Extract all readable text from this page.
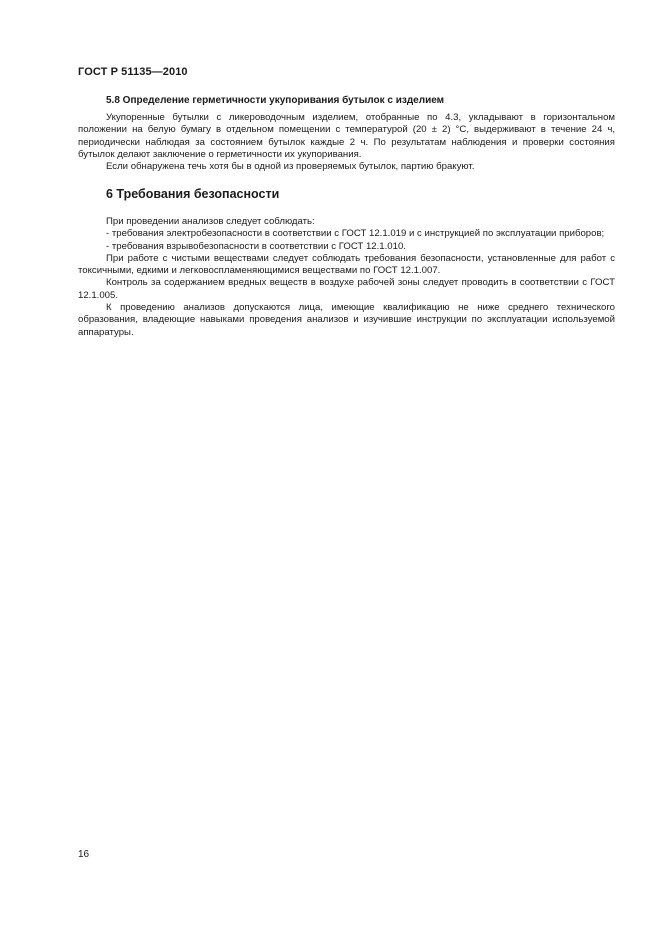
ГОСТ Р 51135—2010
5.8 Определение герметичности укупоривания бутылок с изделием

Укупоренные бутылки с ликероводочным изделием, отобранные по 4.3, укладывают в горизонтальном положении на белую бумагу в отдельном помещении с температурой (20 ± 2) °С, выдерживают в течение 24 ч, периодически наблюдая за состоянием бутылок каждые 2 ч. По результатам наблюдения и проверки состояния бутылок делают заключение о герметичности их укупоривания.

Если обнаружена течь хотя бы в одной из проверяемых бутылок, партию бракуют.

6 Требования безопасности

При проведении анализов следует соблюдать:

- требования электробезопасности в соответствии с ГОСТ 12.1.019 и с инструкцией по эксплуатации приборов;

- требования взрывобезопасности в соответствии с ГОСТ 12.1.010.

При работе с чистыми веществами следует соблюдать требования безопасности, установленные для работ с токсичными, едкими и легковоспламеняющимися веществами по ГОСТ 12.1.007.

Контроль за содержанием вредных веществ в воздухе рабочей зоны следует проводить в соответствии с ГОСТ 12.1.005.

К проведению анализов допускаются лица, имеющие квалификацию не ниже среднего технического образования, владеющие навыками проведения анализов и изучившие инструкции по эксплуатации используемой аппаратуры.

16
